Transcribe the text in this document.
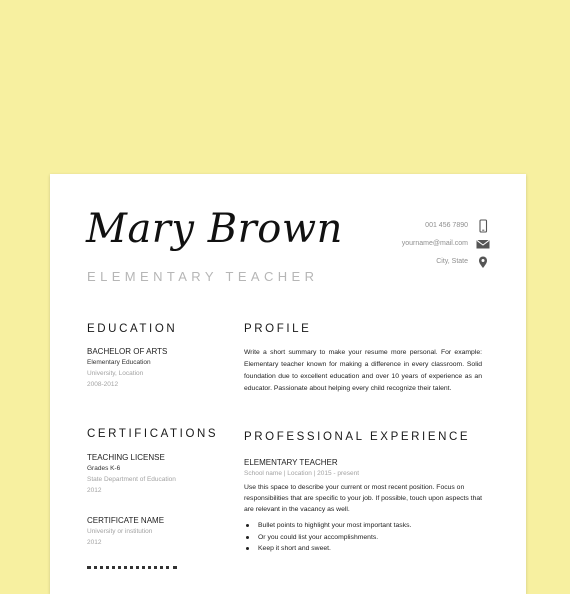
Mary Brown
ELEMENTARY TEACHER
001 456 7890
yourname@mail.com
City, State
EDUCATION
BACHELOR OF ARTS
Elementary Education
University, Location
2008-2012
CERTIFICATIONS
TEACHING LICENSE
Grades K-6
State Department of Education
2012
CERTIFICATE NAME
University or institution
2012
PROFILE

Write a short summary to make your resume more personal. For example: Elementary teacher known for making a difference in every classroom. Solid foundation due to excellent education and over 10 years of experience as an educator. Passionate about helping every child recognize their talent.

PROFESSIONAL EXPERIENCE
ELEMENTARY TEACHER
School name | Location | 2015 - present

Use this space to describe your current or most recent position. Focus on responsibilities that are specific to your job. If possible, touch upon aspects that are relevant in the vacancy as well.

Bullet points to highlight your most important tasks.
Or you could list your accomplishments.
Keep it short and sweet.
